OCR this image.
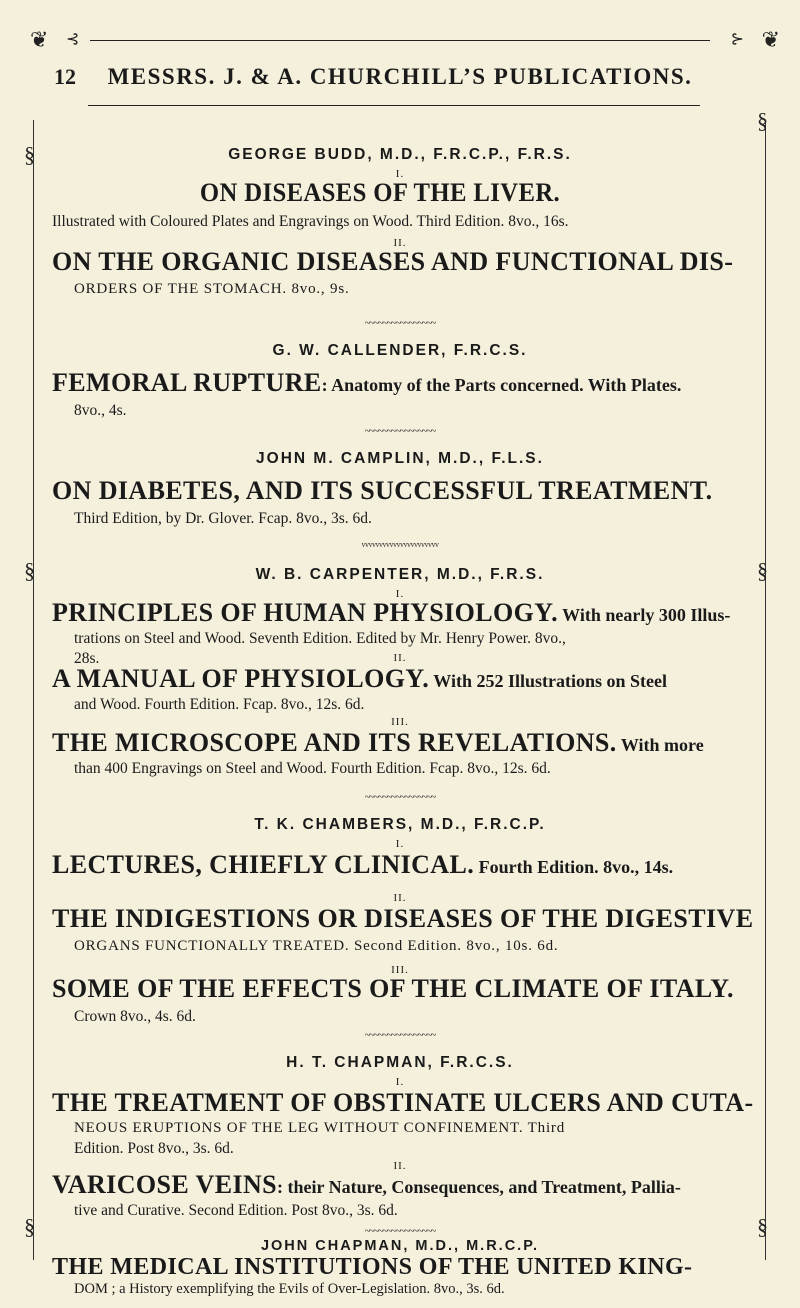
❦ ⊰	⊱ ❦
12	MESSRS. J. & A. CHURCHILL’S PUBLICATIONS.
§
§
§	§
§	§
GEORGE BUDD, M.D., F.R.C.P., F.R.S.
I.
ON DISEASES OF THE LIVER.
Illustrated with Coloured Plates and Engravings on Wood. Third Edition. 8vo., 16s.
II.
ON THE ORGANIC DISEASES AND FUNCTIONAL DIS-
ORDERS OF THE STOMACH. 8vo., 9s.
~~~~~~~~~~~~~~~~
G. W. CALLENDER, F.R.C.S.
FEMORAL RUPTURE: Anatomy of the Parts concerned. With Plates.
8vo., 4s.
~~~~~~~~~~~~~~~~
JOHN M. CAMPLIN, M.D., F.L.S.
ON DIABETES, AND ITS SUCCESSFUL TREATMENT.
Third Edition, by Dr. Glover. Fcap. 8vo., 3s. 6d.
vvvvvvvvvvvvvvvvvvvvvv
W. B. CARPENTER, M.D., F.R.S.
I.
PRINCIPLES OF HUMAN PHYSIOLOGY. With nearly 300 Illus-
trations on Steel and Wood. Seventh Edition. Edited by Mr. Henry Power. 8vo.,
28s.	II.
A MANUAL OF PHYSIOLOGY. With 252 Illustrations on Steel
and Wood. Fourth Edition. Fcap. 8vo., 12s. 6d.
III.
THE MICROSCOPE AND ITS REVELATIONS. With more
than 400 Engravings on Steel and Wood. Fourth Edition. Fcap. 8vo., 12s. 6d.
~~~~~~~~~~~~~~~~
T. K. CHAMBERS, M.D., F.R.C.P.
I.
LECTURES, CHIEFLY CLINICAL. Fourth Edition. 8vo., 14s.
II.
THE INDIGESTIONS OR DISEASES OF THE DIGESTIVE
ORGANS FUNCTIONALLY TREATED. Second Edition. 8vo., 10s. 6d.
III.
SOME OF THE EFFECTS OF THE CLIMATE OF ITALY.
Crown 8vo., 4s. 6d.
~~~~~~~~~~~~~~~~
H. T. CHAPMAN, F.R.C.S.
I.
THE TREATMENT OF OBSTINATE ULCERS AND CUTA-
NEOUS ERUPTIONS OF THE LEG WITHOUT CONFINEMENT. Third
Edition. Post 8vo., 3s. 6d.
II.
VARICOSE VEINS: their Nature, Consequences, and Treatment, Pallia-
tive and Curative. Second Edition. Post 8vo., 3s. 6d.
~~~~~~~~~~~~~~~~
JOHN CHAPMAN, M.D., M.R.C.P.
THE MEDICAL INSTITUTIONS OF THE UNITED KING-
DOM ; a History exemplifying the Evils of Over-Legislation. 8vo., 3s. 6d.
